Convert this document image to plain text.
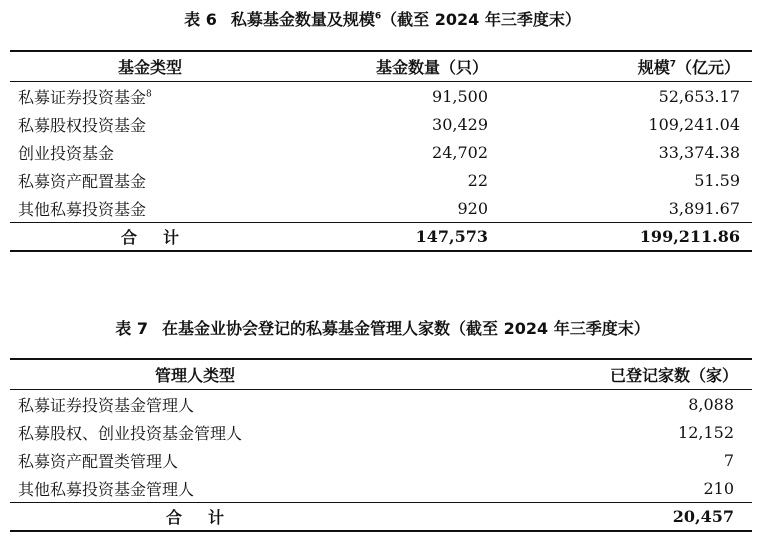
表 6 私募基金数量及规模$^6$（截至 2024 年三季度末）
基金类型	基金数量（只）	规模$^7$（亿元）
私募证券投资基金$^8$	91,500	52,653.17
私募股权投资基金	30,429	109,241.04
创业投资基金	24,702	33,374.38
私募资产配置基金	22	51.59
其他私募投资基金	920	3,891.67
合 计	147,573	199,211.86
表 7 在基金业协会登记的私募基金管理人家数（截至 2024 年三季度末）
管理人类型	已登记家数（家）
私募证券投资基金管理人	8,088
私募股权、创业投资基金管理人	12,152
私募资产配置类管理人	7
其他私募投资基金管理人	210
合 计	20,457
